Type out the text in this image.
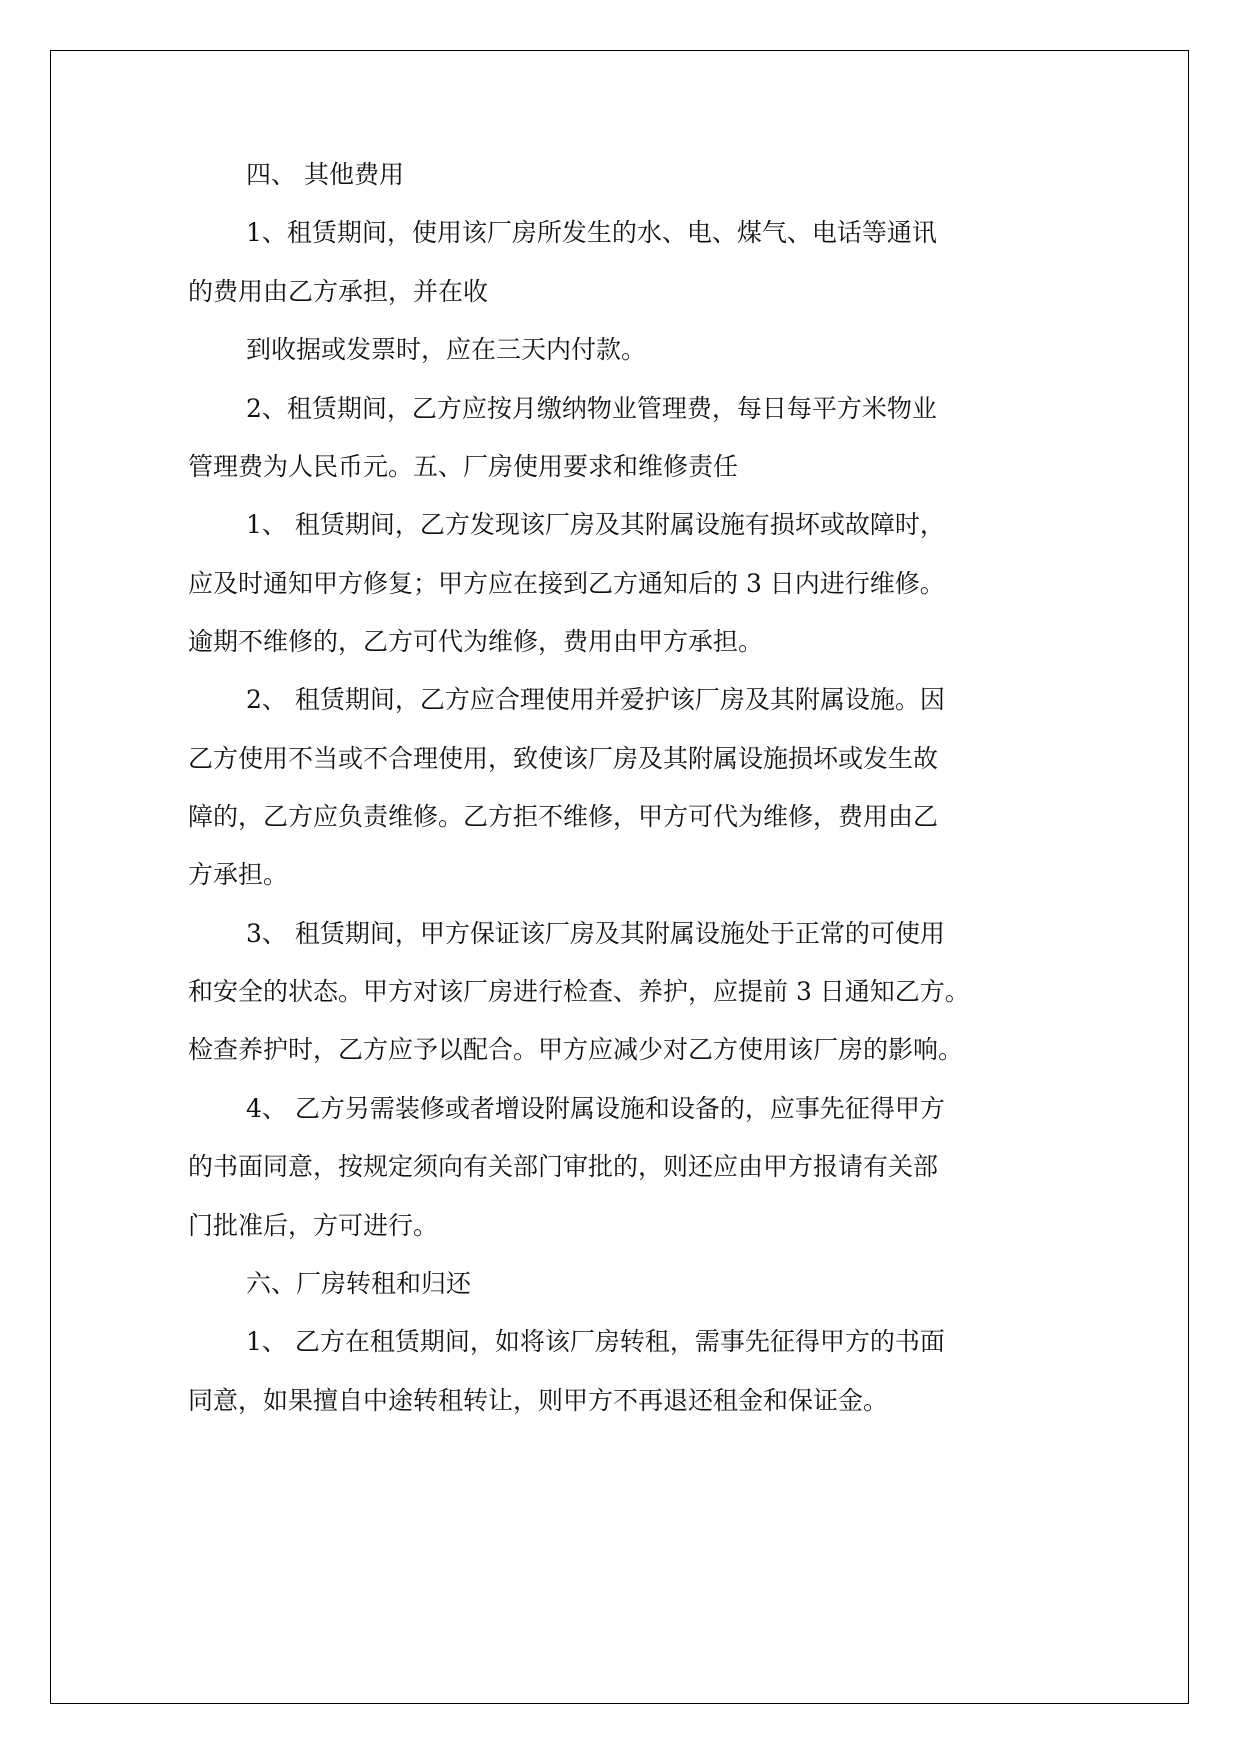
四、 其他费用
1、租赁期间，使用该厂房所发生的水、电、煤气、电话等通讯
的费用由乙方承担，并在收
到收据或发票时，应在三天内付款。
2、租赁期间，乙方应按月缴纳物业管理费，每日每平方米物业
管理费为人民币元。五、厂房使用要求和维修责任
1、 租赁期间，乙方发现该厂房及其附属设施有损坏或故障时，
应及时通知甲方修复；甲方应在接到乙方通知后的 3 日内进行维修。
逾期不维修的，乙方可代为维修，费用由甲方承担。
2、 租赁期间，乙方应合理使用并爱护该厂房及其附属设施。因
乙方使用不当或不合理使用，致使该厂房及其附属设施损坏或发生故
障的，乙方应负责维修。乙方拒不维修，甲方可代为维修，费用由乙
方承担。
3、 租赁期间，甲方保证该厂房及其附属设施处于正常的可使用
和安全的状态。甲方对该厂房进行检查、养护，应提前 3 日通知乙方。
检查养护时，乙方应予以配合。甲方应减少对乙方使用该厂房的影响。
4、 乙方另需装修或者增设附属设施和设备的，应事先征得甲方
的书面同意，按规定须向有关部门审批的，则还应由甲方报请有关部
门批准后，方可进行。
六、厂房转租和归还
1、 乙方在租赁期间，如将该厂房转租，需事先征得甲方的书面
同意，如果擅自中途转租转让，则甲方不再退还租金和保证金。
